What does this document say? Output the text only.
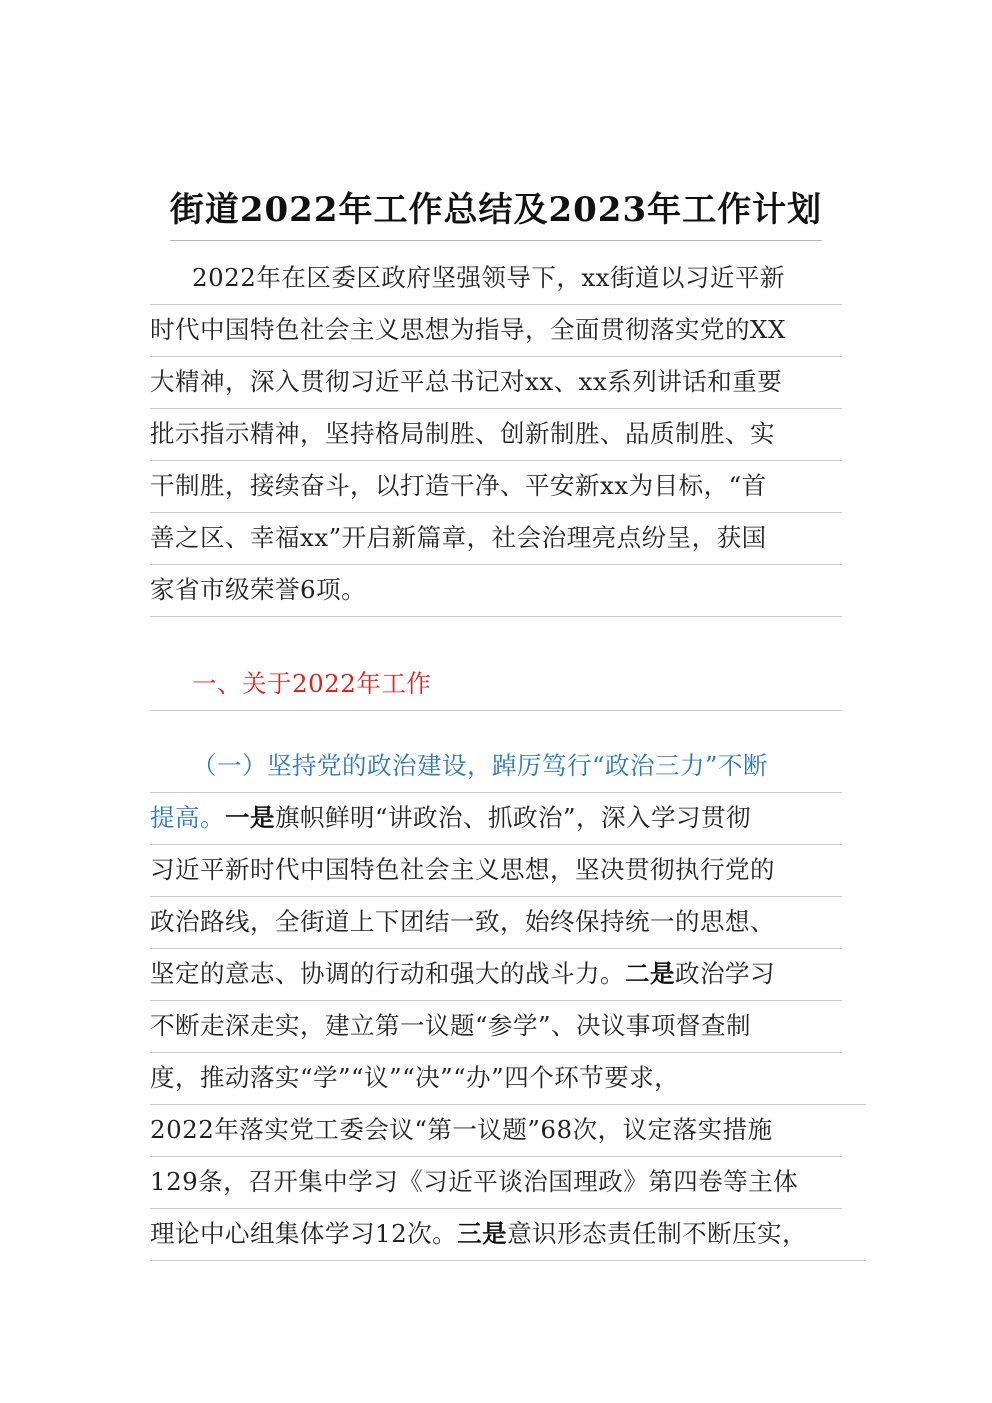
街道2022年工作总结及2023年工作计划
2022年在区委区政府坚强领导下，xx街道以习近平新
时代中国特色社会主义思想为指导，全面贯彻落实党的XX
大精神，深入贯彻习近平总书记对xx、xx系列讲话和重要
批示指示精神，坚持格局制胜、创新制胜、品质制胜、实
干制胜，接续奋斗，以打造干净、平安新xx为目标，“首
善之区、幸福xx”开启新篇章，社会治理亮点纷呈，获国
家省市级荣誉6项。
一、关于2022年工作
（一）坚持党的政治建设，踔厉笃行“政治三力”不断
提高。一是旗帜鲜明“讲政治、抓政治”，深入学习贯彻
习近平新时代中国特色社会主义思想，坚决贯彻执行党的
政治路线，全街道上下团结一致，始终保持统一的思想、
坚定的意志、协调的行动和强大的战斗力。二是政治学习
不断走深走实，建立第一议题“参学”、决议事项督查制
度，推动落实“学”“议”“决”“办”四个环节要求，
2022年落实党工委会议“第一议题”68次，议定落实措施
129条，召开集中学习《习近平谈治国理政》第四卷等主体
理论中心组集体学习12次。三是意识形态责任制不断压实，
